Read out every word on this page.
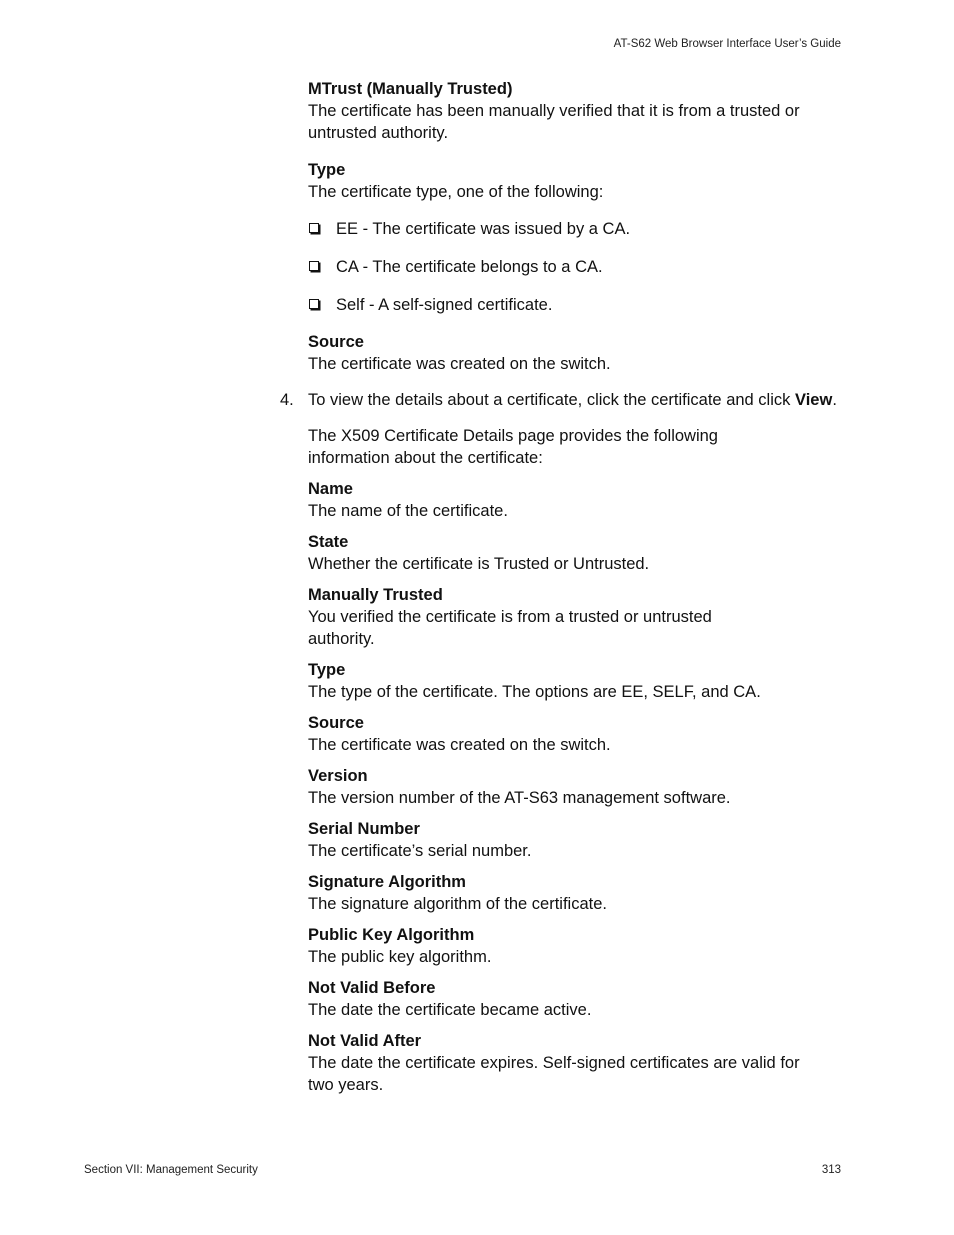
AT-S62 Web Browser Interface User’s Guide
MTrust (Manually Trusted)

The certificate has been manually verified that it is from a trusted or untrusted authority.

Type

The certificate type, one of the following:

EE - The certificate was issued by a CA.
CA - The certificate belongs to a CA.
Self - A self-signed certificate.
Source

The certificate was created on the switch.

4. To view the details about a certificate, click the certificate and click View.

The X509 Certificate Details page provides the following information about the certificate:

Name

The name of the certificate.

State

Whether the certificate is Trusted or Untrusted.

Manually Trusted

You verified the certificate is from a trusted or untrusted authority.

Type

The type of the certificate. The options are EE, SELF, and CA.

Source

The certificate was created on the switch.

Version

The version number of the AT-S63 management software.

Serial Number

The certificate’s serial number.

Signature Algorithm

The signature algorithm of the certificate.

Public Key Algorithm

The public key algorithm.

Not Valid Before

The date the certificate became active.

Not Valid After

The date the certificate expires. Self-signed certificates are valid for two years.

Section VII: Management Security	313
